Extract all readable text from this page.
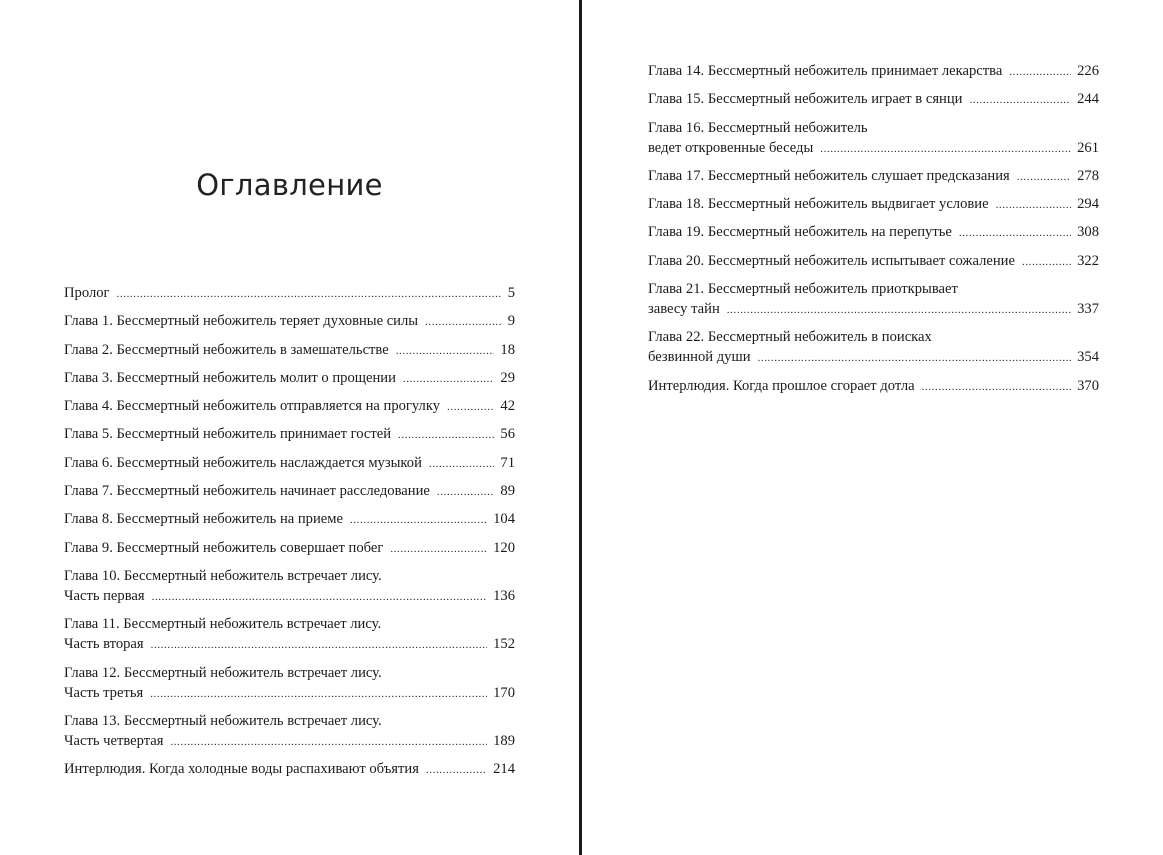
Оглавление
Пролог .....	5
Глава 1. Бессмертный небожитель теряет духовные силы .....	9
Глава 2. Бессмертный небожитель в замешательстве .....	18
Глава 3. Бессмертный небожитель молит о прощении .....	29
Глава 4. Бессмертный небожитель отправляется на прогулку .....	42
Глава 5. Бессмертный небожитель принимает гостей .....	56
Глава 6. Бессмертный небожитель наслаждается музыкой .....	71
Глава 7. Бессмертный небожитель начинает расследование .....	89
Глава 8. Бессмертный небожитель на приеме .....	104
Глава 9. Бессмертный небожитель совершает побег .....	120
Глава 10. Бессмертный небожитель встречает лису.
Часть первая .....	136
Глава 11. Бессмертный небожитель встречает лису.
Часть вторая .....	152
Глава 12. Бессмертный небожитель встречает лису.
Часть третья .....	170
Глава 13. Бессмертный небожитель встречает лису.
Часть четвертая .....	189
Интерлюдия. Когда холодные воды распахивают объятия .....	214
Глава 14. Бессмертный небожитель принимает лекарства .....	226
Глава 15. Бессмертный небожитель играет в сянци .....	244
Глава 16. Бессмертный небожитель
ведет откровенные беседы .....	261
Глава 17. Бессмертный небожитель слушает предсказания .....	278
Глава 18. Бессмертный небожитель выдвигает условие .....	294
Глава 19. Бессмертный небожитель на перепутье .....	308
Глава 20. Бессмертный небожитель испытывает сожаление .....	322
Глава 21. Бессмертный небожитель приоткрывает
завесу тайн .....	337
Глава 22. Бессмертный небожитель в поисках
безвинной души .....	354
Интерлюдия. Когда прошлое сгорает дотла .....	370
